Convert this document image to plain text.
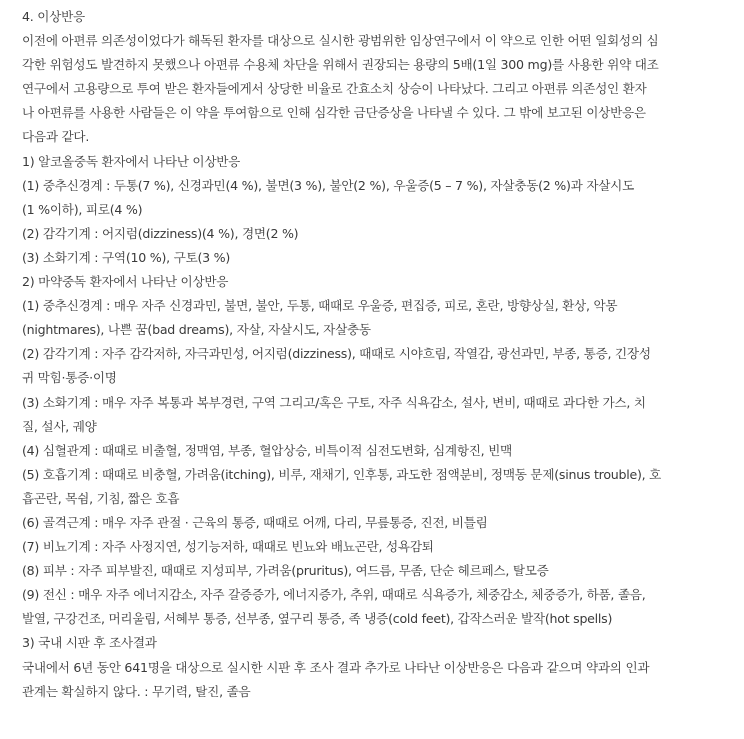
4. 이상반응
이전에 아편류 의존성이었다가 해독된 환자를 대상으로 실시한 광범위한 임상연구에서 이 약으로 인한 어떤 일회성의 심
각한 위험성도 발견하지 못했으나 아편류 수용체 차단을 위해서 권장되는 용량의 5배(1일 300 mg)를 사용한 위약 대조
연구에서 고용량으로 투여 받은 환자들에게서 상당한 비율로 간효소치 상승이 나타났다. 그리고 아편류 의존성인 환자
나 아편류를 사용한 사람들은 이 약을 투여함으로 인해 심각한 금단증상을 나타낼 수 있다. 그 밖에 보고된 이상반응은
다음과 같다.
1) 알코올중독 환자에서 나타난 이상반응
(1) 중추신경계 : 두통(7 %), 신경과민(4 %), 불면(3 %), 불안(2 %), 우울증(5 – 7 %), 자살충동(2 %)과 자살시도
(1 %이하), 피로(4 %)
(2) 감각기계 : 어지럼(dizziness)(4 %), 경면(2 %)
(3) 소화기계 : 구역(10 %), 구토(3 %)
2) 마약중독 환자에서 나타난 이상반응
(1) 중추신경계 : 매우 자주 신경과민, 불면, 불안, 두통, 때때로 우울증, 편집증, 피로, 혼란, 방향상실, 환상, 악몽
(nightmares), 나쁜 꿈(bad dreams), 자살, 자살시도, 자살충동
(2) 감각기계 : 자주 감각저하, 자극과민성, 어지럼(dizziness), 때때로 시야흐림, 작열감, 광선과민, 부종, 통증, 긴장성
귀 막힘·통증·이명
(3) 소화기계 : 매우 자주 복통과 복부경련, 구역 그리고/혹은 구토, 자주 식욕감소, 설사, 변비, 때때로 과다한 가스, 치
질, 설사, 궤양
(4) 심혈관계 : 때때로 비출혈, 정맥염, 부종, 혈압상승, 비특이적 심전도변화, 심계항진, 빈맥
(5) 호흡기계 : 때때로 비충혈, 가려움(itching), 비루, 재채기, 인후통, 과도한 점액분비, 정맥동 문제(sinus trouble), 호
흡곤란, 목쉼, 기침, 짧은 호흡
(6) 골격근계 : 매우 자주 관절 · 근육의 통증, 때때로 어깨, 다리, 무릎통증, 진전, 비틀림
(7) 비뇨기계 : 자주 사정지연, 성기능저하, 때때로 빈뇨와 배뇨곤란, 성욕감퇴
(8) 피부 : 자주 피부발진, 때때로 지성피부, 가려움(pruritus), 여드름, 무좀, 단순 헤르페스, 탈모증
(9) 전신 : 매우 자주 에너지감소, 자주 갈증증가, 에너지증가, 추위, 때때로 식욕증가, 체중감소, 체중증가, 하품, 졸음,
발열, 구강건조, 머리울림, 서혜부 통증, 선부종, 옆구리 통증, 족 냉증(cold feet), 갑작스러운 발작(hot spells)
3) 국내 시판 후 조사결과
국내에서 6년 동안 641명을 대상으로 실시한 시판 후 조사 결과 추가로 나타난 이상반응은 다음과 같으며 약과의 인과
관계는 확실하지 않다. : 무기력, 탈진, 졸음
